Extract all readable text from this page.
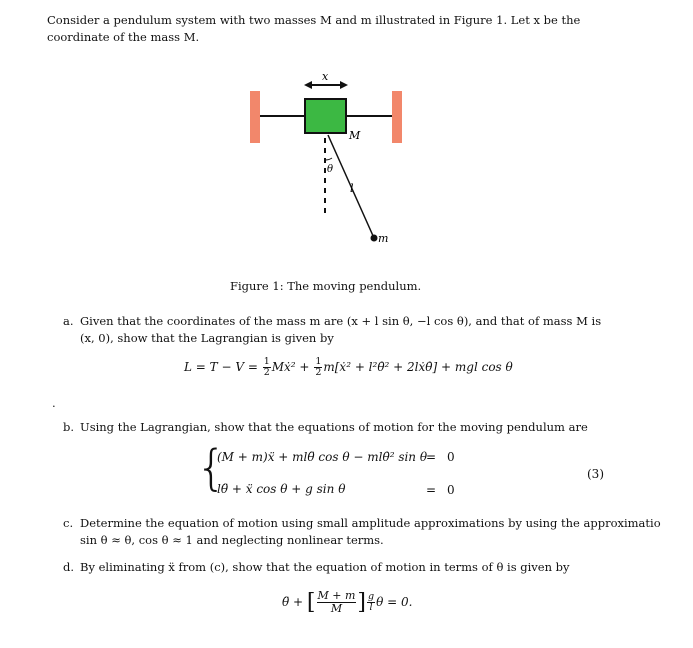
Consider a pendulum system with two masses M and m illustrated in Figure 1. Let x be the
coordinate of the mass M.
x
M
θ
l
m
Figure 1: The moving pendulum.
a. Given that the coordinates of the mass m are (x + l sin θ, −l cos θ), and that of mass M is
(x, 0), show that the Lagrangian is given by
$L = T - V = \frac{1}{2}$ Mẋ² + $\frac{1}{2}$ m[ẋ² + l²θ̇² + 2lẋθ̇] + mgl cos θ
.
b. Using the Lagrangian, show that the equations of motion for the moving pendulum are
{
(M + m)ẍ + mlθ̈ cos θ − mlθ̇² sin θ
= 0
lθ̈ + ẍ cos θ + g sin θ	= 0
(3)
c. Determine the equation of motion using small amplitude approximations by using the approximatio
sin θ ≈ θ, cos θ ≈ 1 and neglecting nonlinear terms.
d. By eliminating ẍ from (c), show that the equation of motion in terms of θ is given by
θ̈ + [ $\frac{M + m}{M}$ ] $\frac{g}{l}$ θ = 0.
